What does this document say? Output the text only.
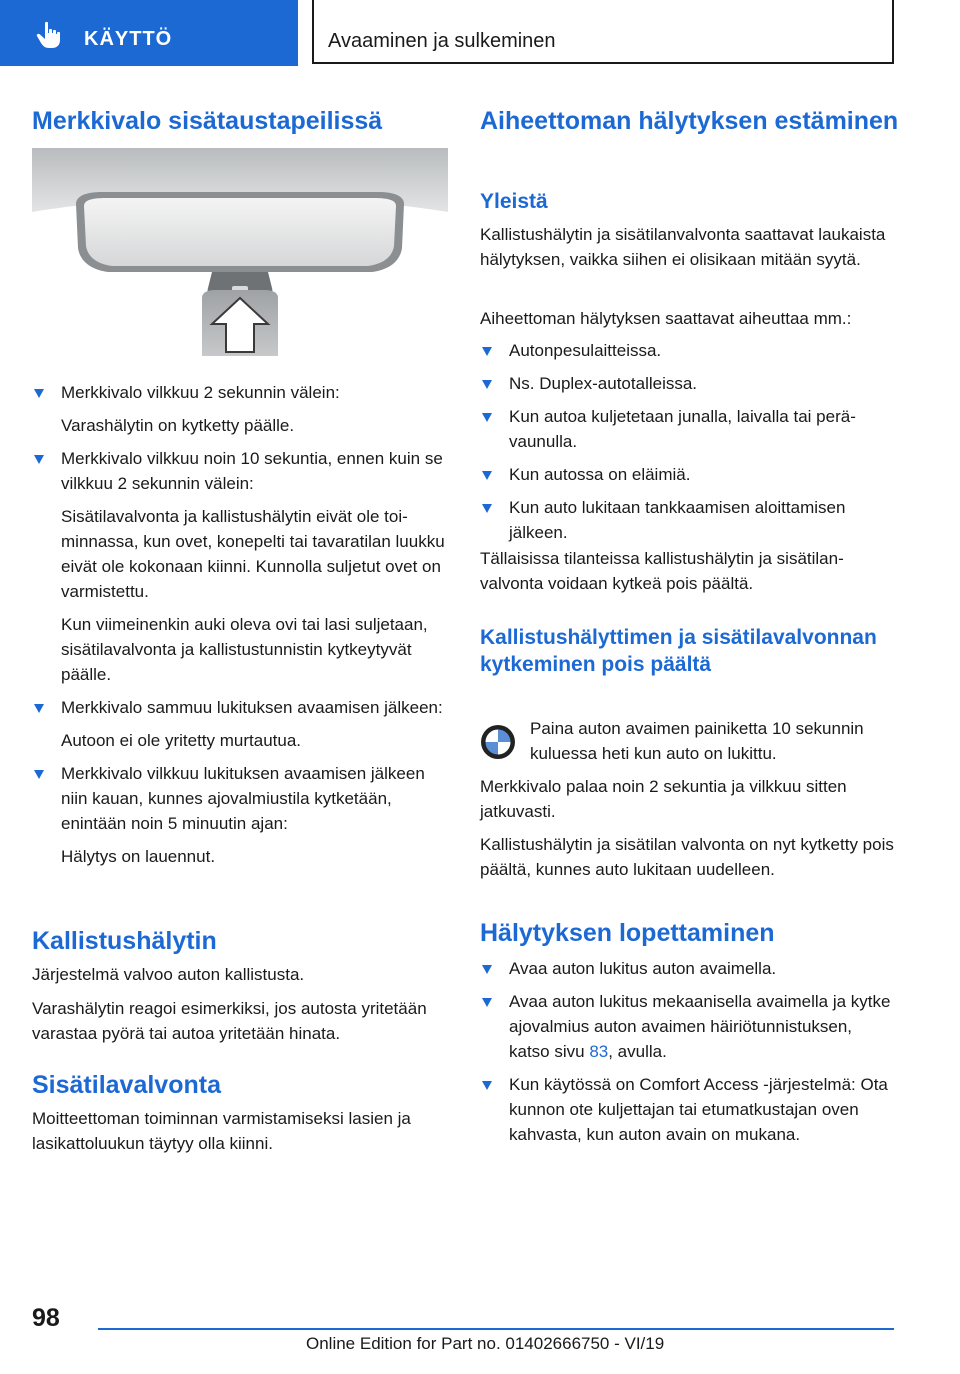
KÄYTTÖ	Avaaminen ja sulkeminen
Merkkivalo sisätaustapeilissä
Merkkivalo vilkkuu 2 sekunnin välein:
Varashälytin on kytketty päälle.
Merkkivalo vilkkuu noin 10 sekuntia, ennen kuin se vilkkuu 2 sekunnin välein:
Sisätilavalvonta ja kallistushälytin eivät ole toiminnassa, kun ovet, konepelti tai tavaratilan luukku eivät ole kokonaan kiinni. Kunnolla suljetut ovet on varmistettu.
Kun viimeinenkin auki oleva ovi tai lasi suljetaan, sisätilavalvonta ja kallistustunnistin kytkeytyvät päälle.
Merkkivalo sammuu lukituksen avaamisen jälkeen:
Autoon ei ole yritetty murtautua.
Merkkivalo vilkkuu lukituksen avaamisen jälkeen niin kauan, kunnes ajovalmiustila kytketään, enintään noin 5 minuutin ajan:
Hälytys on lauennut.
Kallistushälytin

Järjestelmä valvoo auton kallistusta.

Varashälytin reagoi esimerkiksi, jos autosta yritetään varastaa pyörä tai autoa yritetään hinata.

Sisätilavalvonta

Moitteettoman toiminnan varmistamiseksi lasien ja lasikattoluukun täytyy olla kiinni.

Aiheettoman hälytyksen estäminen
Yleistä

Kallistushälytin ja sisätilanvalvonta saattavat laukaista hälytyksen, vaikka siihen ei olisikaan mitään syytä.

Aiheettoman hälytyksen saattavat aiheuttaa mm.:

Autonpesulaitteissa.
Ns. Duplex-autotalleissa.
Kun autoa kuljetetaan junalla, laivalla tai perävaunulla.
Kun autossa on eläimiä.
Kun auto lukitaan tankkaamisen aloittamisen jälkeen.

Tällaisissa tilanteissa kallistushälytin ja sisätilanvalvonta voidaan kytkeä pois päältä.

Kallistushälyttimen ja sisätilavalvonnan kytkeminen pois päältä

Paina auton avaimen painiketta 10 sekunnin kuluessa heti kun auto on lukittu.

Merkkivalo palaa noin 2 sekuntia ja vilkkuu sitten jatkuvasti.

Kallistushälytin ja sisätilan valvonta on nyt kytketty pois päältä, kunnes auto lukitaan uudelleen.

Hälytyksen lopettaminen
Avaa auton lukitus auton avaimella.
Avaa auton lukitus mekaanisella avaimella ja kytke ajovalmius auton avaimen häiriötunnistuksen, katso sivu 83, avulla.
Kun käytössä on Comfort Access -järjestelmä: Ota kunnon ote kuljettajan tai etumatkustajan oven kahvasta, kun auton avain on mukana.
98
Online Edition for Part no. 01402666750 - VI/19
